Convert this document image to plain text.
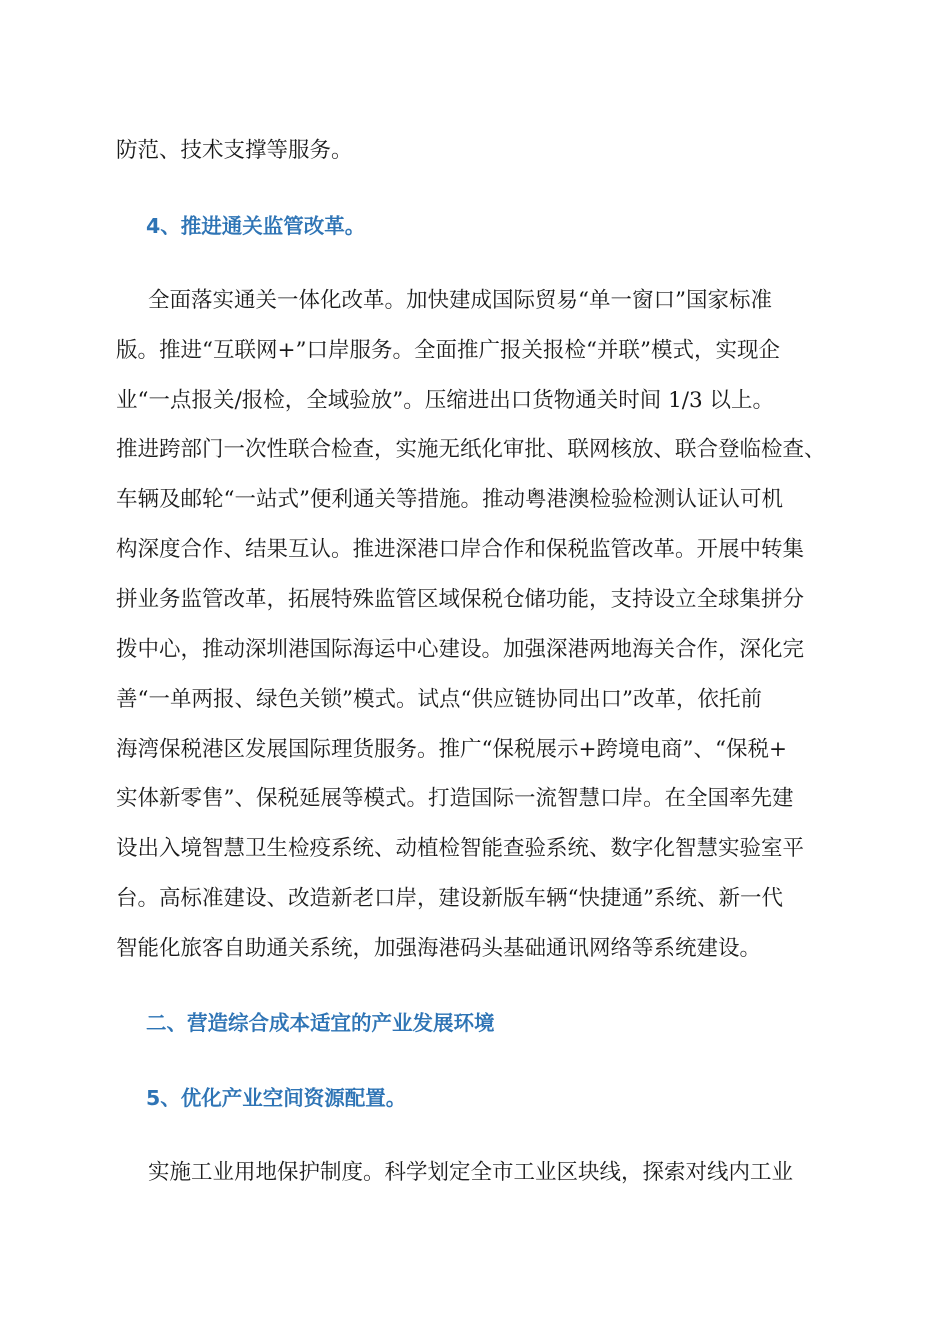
防范、技术支撑等服务。

4、推进通关监管改革。

全面落实通关一体化改革。加快建成国际贸易“单一窗口”国家标准

版。推进“互联网+”口岸服务。全面推广报关报检“并联”模式，实现企

业“一点报关/报检，全域验放”。压缩进出口货物通关时间 1/3 以上。

推进跨部门一次性联合检查，实施无纸化审批、联网核放、联合登临检查、

车辆及邮轮“一站式”便利通关等措施。推动粤港澳检验检测认证认可机

构深度合作、结果互认。推进深港口岸合作和保税监管改革。开展中转集

拼业务监管改革，拓展特殊监管区域保税仓储功能，支持设立全球集拼分

拨中心，推动深圳港国际海运中心建设。加强深港两地海关合作，深化完

善“一单两报、绿色关锁”模式。试点“供应链协同出口”改革，依托前

海湾保税港区发展国际理货服务。推广“保税展示+跨境电商”、“保税+

实体新零售”、保税延展等模式。打造国际一流智慧口岸。在全国率先建

设出入境智慧卫生检疫系统、动植检智能查验系统、数字化智慧实验室平

台。高标准建设、改造新老口岸，建设新版车辆“快捷通”系统、新一代

智能化旅客自助通关系统，加强海港码头基础通讯网络等系统建设。

二、营造综合成本适宜的产业发展环境

5、优化产业空间资源配置。

实施工业用地保护制度。科学划定全市工业区块线，探索对线内工业
